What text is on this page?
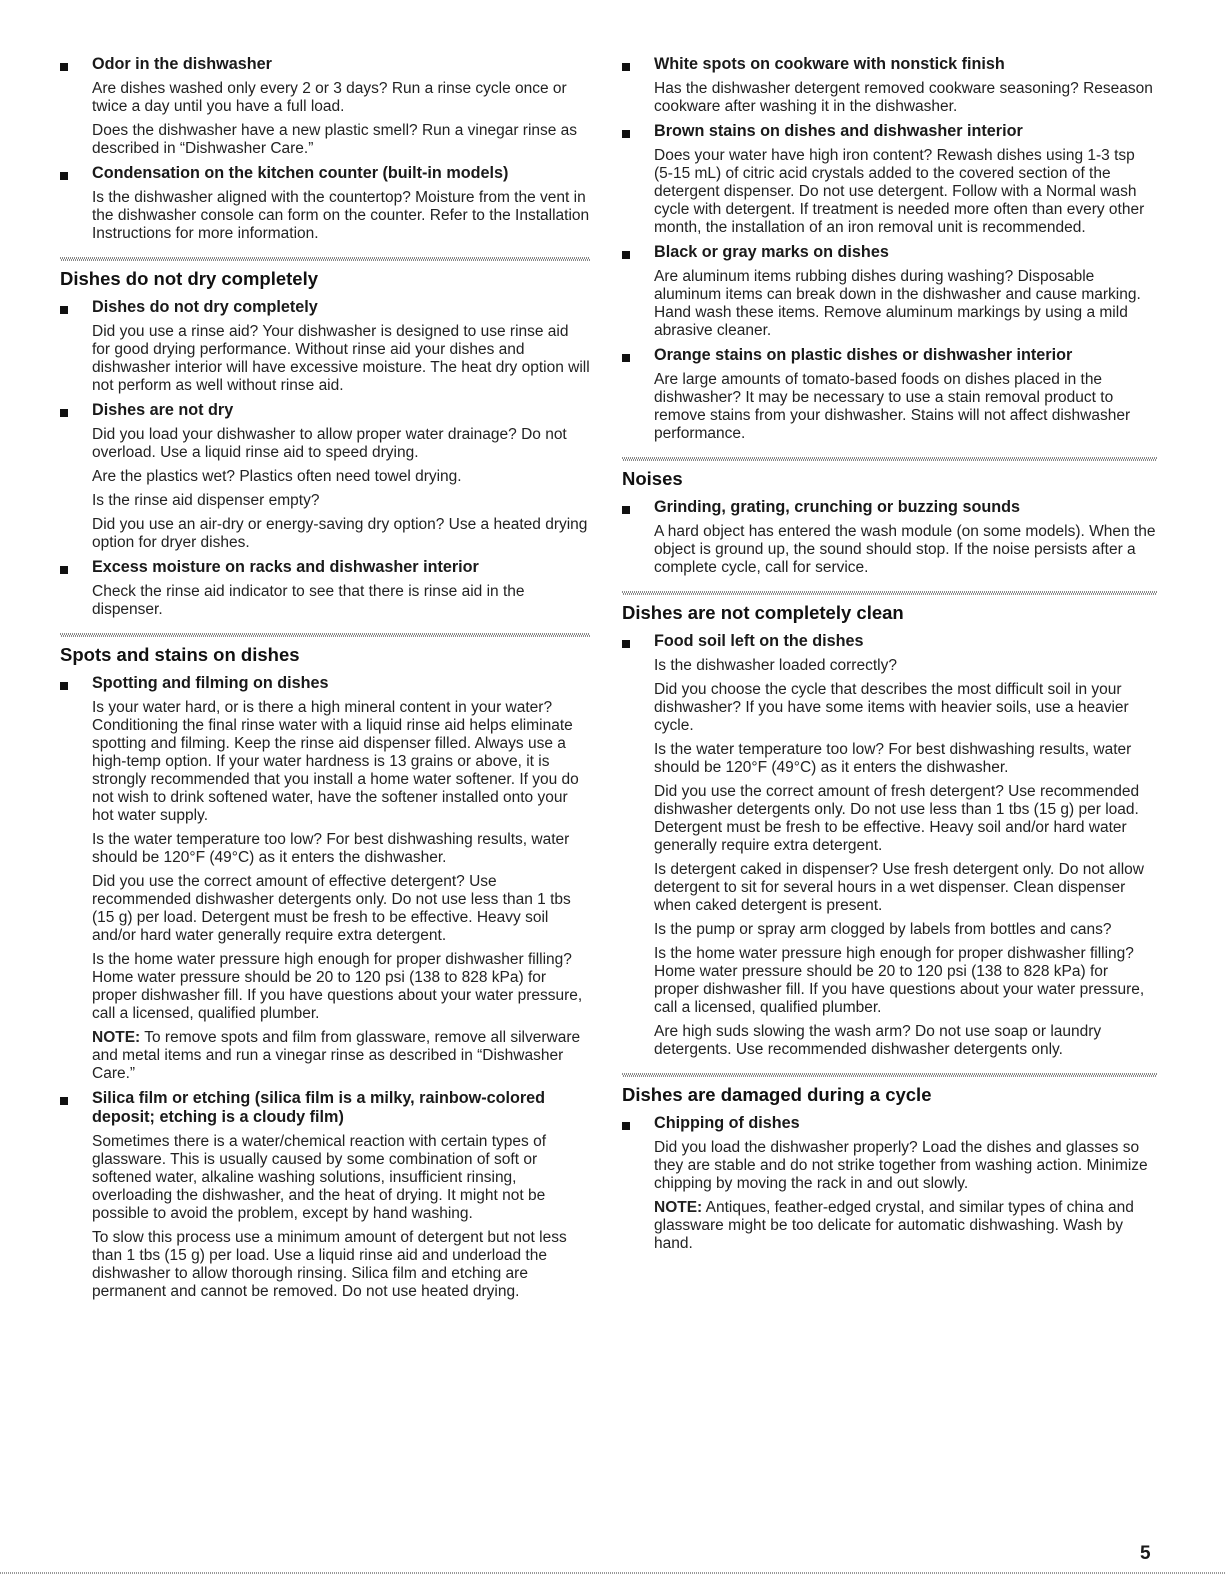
Odor in the dishwasher

Are dishes washed only every 2 or 3 days? Run a rinse cycle once or twice a day until you have a full load.

Does the dishwasher have a new plastic smell? Run a vinegar rinse as described in “Dishwasher Care.”

Condensation on the kitchen counter (built-in models)

Is the dishwasher aligned with the countertop? Moisture from the vent in the dishwasher console can form on the counter. Refer to the Installation Instructions for more information.

Dishes do not dry completely
Dishes do not dry completely

Did you use a rinse aid? Your dishwasher is designed to use rinse aid for good drying performance. Without rinse aid your dishes and dishwasher interior will have excessive moisture. The heat dry option will not perform as well without rinse aid.

Dishes are not dry

Did you load your dishwasher to allow proper water drainage? Do not overload. Use a liquid rinse aid to speed drying.

Are the plastics wet? Plastics often need towel drying.

Is the rinse aid dispenser empty?

Did you use an air-dry or energy-saving dry option? Use a heated drying option for dryer dishes.

Excess moisture on racks and dishwasher interior

Check the rinse aid indicator to see that there is rinse aid in the dispenser.

Spots and stains on dishes
Spotting and filming on dishes

Is your water hard, or is there a high mineral content in your water? Conditioning the final rinse water with a liquid rinse aid helps eliminate spotting and filming. Keep the rinse aid dispenser filled. Always use a high-temp option. If your water hardness is 13 grains or above, it is strongly recommended that you install a home water softener. If you do not wish to drink softened water, have the softener installed onto your hot water supply.

Is the water temperature too low? For best dishwashing results, water should be 120°F (49°C) as it enters the dishwasher.

Did you use the correct amount of effective detergent? Use recommended dishwasher detergents only. Do not use less than 1 tbs (15 g) per load. Detergent must be fresh to be effective. Heavy soil and/or hard water generally require extra detergent.

Is the home water pressure high enough for proper dishwasher filling? Home water pressure should be 20 to 120 psi (138 to 828 kPa) for proper dishwasher fill. If you have questions about your water pressure, call a licensed, qualified plumber.

NOTE: To remove spots and film from glassware, remove all silverware and metal items and run a vinegar rinse as described in “Dishwasher Care.”

Silica film or etching (silica film is a milky, rainbow-colored deposit; etching is a cloudy film)

Sometimes there is a water/chemical reaction with certain types of glassware. This is usually caused by some combination of soft or softened water, alkaline washing solutions, insufficient rinsing, overloading the dishwasher, and the heat of drying. It might not be possible to avoid the problem, except by hand washing.

To slow this process use a minimum amount of detergent but not less than 1 tbs (15 g) per load. Use a liquid rinse aid and underload the dishwasher to allow thorough rinsing. Silica film and etching are permanent and cannot be removed. Do not use heated drying.

White spots on cookware with nonstick finish

Has the dishwasher detergent removed cookware seasoning? Reseason cookware after washing it in the dishwasher.

Brown stains on dishes and dishwasher interior

Does your water have high iron content? Rewash dishes using 1-3 tsp (5-15 mL) of citric acid crystals added to the covered section of the detergent dispenser. Do not use detergent. Follow with a Normal wash cycle with detergent. If treatment is needed more often than every other month, the installation of an iron removal unit is recommended.

Black or gray marks on dishes

Are aluminum items rubbing dishes during washing? Disposable aluminum items can break down in the dishwasher and cause marking. Hand wash these items. Remove aluminum markings by using a mild abrasive cleaner.

Orange stains on plastic dishes or dishwasher interior

Are large amounts of tomato-based foods on dishes placed in the dishwasher? It may be necessary to use a stain removal product to remove stains from your dishwasher. Stains will not affect dishwasher performance.

Noises
Grinding, grating, crunching or buzzing sounds

A hard object has entered the wash module (on some models). When the object is ground up, the sound should stop. If the noise persists after a complete cycle, call for service.

Dishes are not completely clean
Food soil left on the dishes

Is the dishwasher loaded correctly?

Did you choose the cycle that describes the most difficult soil in your dishwasher? If you have some items with heavier soils, use a heavier cycle.

Is the water temperature too low? For best dishwashing results, water should be 120°F (49°C) as it enters the dishwasher.

Did you use the correct amount of fresh detergent? Use recommended dishwasher detergents only. Do not use less than 1 tbs (15 g) per load. Detergent must be fresh to be effective. Heavy soil and/or hard water generally require extra detergent.

Is detergent caked in dispenser? Use fresh detergent only. Do not allow detergent to sit for several hours in a wet dispenser. Clean dispenser when caked detergent is present.

Is the pump or spray arm clogged by labels from bottles and cans?

Is the home water pressure high enough for proper dishwasher filling? Home water pressure should be 20 to 120 psi (138 to 828 kPa) for proper dishwasher fill. If you have questions about your water pressure, call a licensed, qualified plumber.

Are high suds slowing the wash arm? Do not use soap or laundry detergents. Use recommended dishwasher detergents only.

Dishes are damaged during a cycle
Chipping of dishes

Did you load the dishwasher properly? Load the dishes and glasses so they are stable and do not strike together from washing action. Minimize chipping by moving the rack in and out slowly.

NOTE: Antiques, feather-edged crystal, and similar types of china and glassware might be too delicate for automatic dishwashing. Wash by hand.

5
